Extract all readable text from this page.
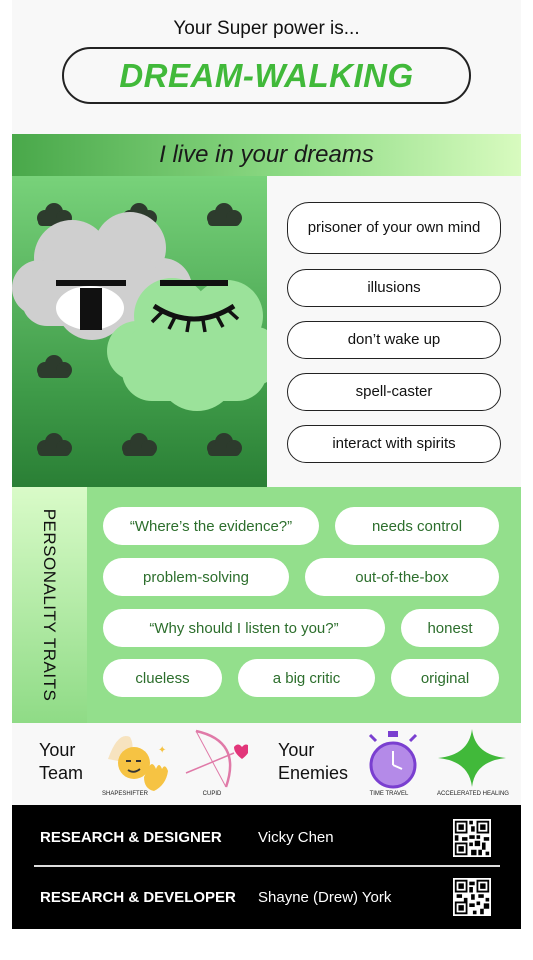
Your Super power is...
DREAM-WALKING
I live in your dreams
prisoner of your own mind
illusions
don’t wake up
spell-caster
interact with spirits
PERSONALITY TRAITS	“Where’s the evidence?”	needs control
problem-solving	out-of-the-box
“Why should I listen to you?”	honest
clueless	a big critic	original
Your
Team
✦
SHAPESHIFTER	CUPID
Your
Enemies
TIME TRAVEL	ACCELERATED HEALING
RESEARCH & DESIGNER Vicky Chen
RESEARCH & DEVELOPER Shayne (Drew) York
